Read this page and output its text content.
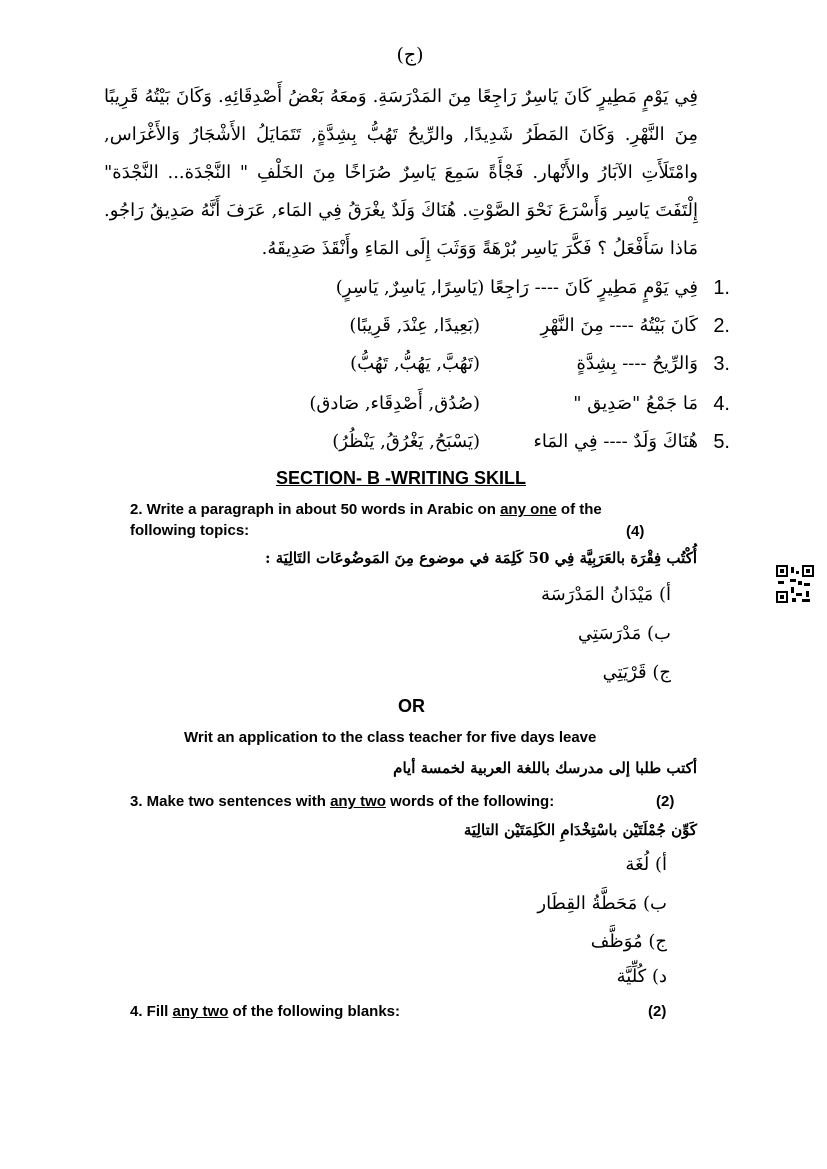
(ج)
فِي يَوْمٍ مَطِيرٍ كَانَ يَاسِرٌ رَاجِعًا مِنَ المَدْرَسَةِ. وَمعَهُ بَعْضُ أَصْدِقَائِهِ. وَكَانَ بَيْتُهُ قَرِيبًا مِنَ النَّهْرِ. وَكَانَ المَطَرُ شَدِيدًا, والرِّيحُ تَهُبُّ بِشِدَّةٍ, تَتَمَايَلُ الأَشْجَارُ وَالأَغْرَاس, وامْتَلَأَتِ الآبَارُ والأَنْهار. فَجْأَةً سَمِعَ يَاسِرٌ صُرَاخًا مِنَ الخَلْفِ " النَّجْدَة... النَّجْدَة" إِلْتَفَتَ يَاسِر وَأَسْرَعَ نَحْوَ الصَّوْتِ. هُنَاكَ وَلَدٌ يغْرَقُ فِي المَاء, عَرَفَ أَنَّهُ صَدِيقُ رَاجُو. مَاذا سَأَفْعَلُ ؟ فَكَّرَ يَاسِر بُرْهَةً وَوَثَبَ إِلَى المَاءِ وأَنْقَذَ صَدِيقَهُ.
1.
فِي يَوْمٍ مَطِيرٍ كَانَ ---- رَاجِعًا (يَاسِرًا, يَاسِرٌ, يَاسِرٍ)
2.
كَانَ بَيْتُهُ ---- مِنَ النَّهْرِ
(بَعِيدًا, عِنْدَ, قَرِيبًا)
3.
وَالرِّيحُ ---- بِشِدَّةٍ
(تَهُبَّ, يَهُبُّ, تَهُبُّ)
4.
مَا جَمْعُ "صَدِيق "
(صُدُق, أَصْدِقَاء, صَادق)
5.
هُنَاكَ وَلَدٌ ---- فِي المَاء
(يَسْبَحُ, يَغْرُقُ, يَنْظُرُ)
SECTION- B -WRITING SKILL
2. Write a paragraph in about 50 words in Arabic on any one of the
following topics:	(4)
أُكْتُب فِقْرَة بالعَرَبِيَّة فِي 50 كَلِمَة في موضوع مِنَ المَوضُوعَات التَالِيَة :
أ) مَيْدَانُ المَدْرَسَة
ب) مَدْرَسَتِي
ج) قَرْيَتِي
OR
Writ an application to the class teacher for five days leave
أكتب طلبا إلى مدرسك باللغة العربية لخمسة أيام
3. Make two sentences with any two words of the following:	(2)
كَوِّن جُمْلَتَيْن باسْتِخْدَامِ الكَلِمَتَيْن التالِيَة
أ) لُغَة
ب) مَحَطَّةُ القِطَار
ج) مُوَظَّف
د) كُلِّيَّة
4. Fill any two of the following blanks:	(2)
